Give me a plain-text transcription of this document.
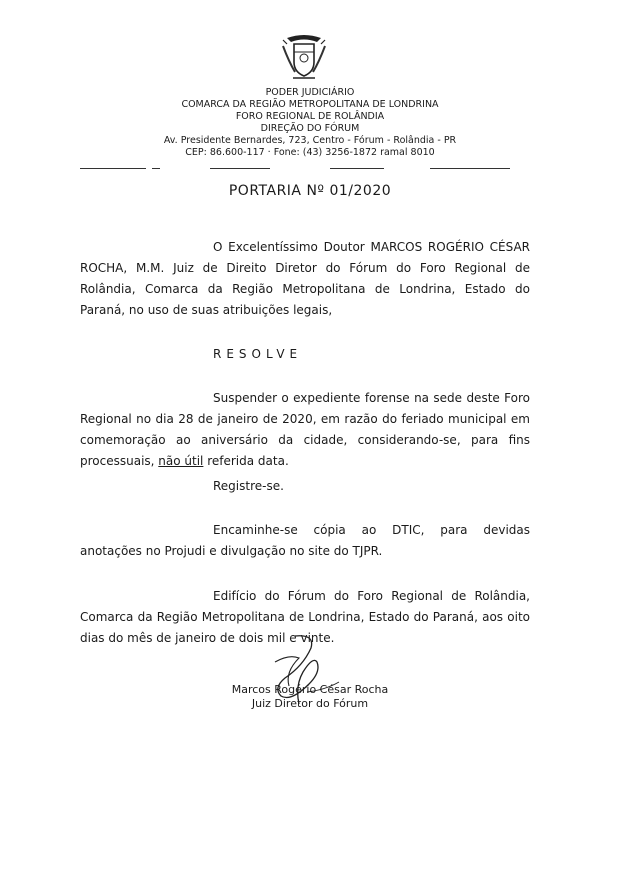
PODER JUDICIÁRIO
COMARCA DA REGIÃO METROPOLITANA DE LONDRINA
FORO REGIONAL DE ROLÂNDIA
DIREÇÃO DO FÓRUM
Av. Presidente Bernardes, 723, Centro - Fórum - Rolândia - PR
CEP: 86.600-117 · Fone: (43) 3256-1872 ramal 8010
PORTARIA Nº 01/2020

O Excelentíssimo Doutor MARCOS ROGÉRIO CÉSAR ROCHA, M.M. Juiz de Direito Diretor do Fórum do Foro Regional de Rolândia, Comarca da Região Metropolitana de Londrina, Estado do Paraná, no uso de suas atribuições legais,

RESOLVE

Suspender o expediente forense na sede deste Foro Regional no dia 28 de janeiro de 2020, em razão do feriado municipal em comemoração ao aniversário da cidade, considerando-se, para fins processuais, não útil referida data.

Registre-se.

Encaminhe-se cópia ao DTIC, para devidas anotações no Projudi e divulgação no site do TJPR.

Edifício do Fórum do Foro Regional de Rolândia, Comarca da Região Metropolitana de Londrina, Estado do Paraná, aos oito dias do mês de janeiro de dois mil e vinte.

Marcos Rogério César Rocha
Juiz Diretor do Fórum
